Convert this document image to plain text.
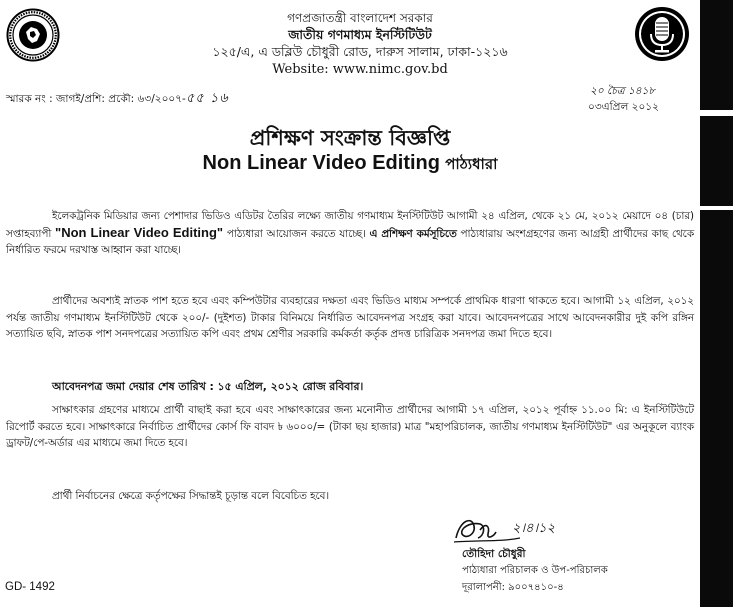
গণপ্রজাতন্ত্রী বাংলাদেশ সরকার
জাতীয় গণমাধ্যম ইনস্টিটিউট
১২৫/এ, এ ডব্লিউ চৌধুরী রোড, দারুস সালাম, ঢাকা-১২১৬
Website: www.nimc.gov.bd
স্মারক নং : জাগই/প্রশি: প্রকৌ: ৬৩/২০০৭-৫৫ ১৬	২০ চৈত্র ১৪১৮
০৩এপ্রিল ২০১২
প্রশিক্ষণ সংক্রান্ত বিজ্ঞপ্তি
Non Linear Video Editing পাঠ্যধারা
ইলেকট্রনিক মিডিয়ার জন্য পেশাদার ভিডিও এডিটর তৈরির লক্ষ্যে জাতীয় গণমাধ্যম ইনস্টিটিউট আগামী ২৪ এপ্রিল, থেকে ২১ মে, ২০১২ মেয়াদে ০৪ (চার) সপ্তাহব্যাপী "Non Linear Video Editing" পাঠ্যধারা আয়োজন করতে যাচ্ছে। এ প্রশিক্ষণ কর্মসূচিতে পাঠ্যধারায় অংশগ্রহণের জন্য আগ্রহী প্রার্থীদের কাছ থেকে নির্ধারিত ফরমে দরখাস্ত আহ্বান করা যাচ্ছে।
প্রার্থীদের অবশ্যই স্নাতক পাশ হতে হবে এবং কম্পিউটার ব্যবহারের দক্ষতা এবং ভিডিও মাধ্যম সম্পর্কে প্রাথমিক ধারণা থাকতে হবে। আগামী ১২ এপ্রিল, ২০১২ পর্যন্ত জাতীয় গণমাধ্যম ইনস্টিটিউট থেকে ২০০/- (দুইশত) টাকার বিনিময়ে নির্ধারিত আবেদনপত্র সংগ্রহ করা যাবে। আবেদনপত্রের সাথে আবেদনকারীর দুই কপি রঙ্গিন সত্যায়িত ছবি, স্নাতক পাশ সনদপত্রের সত্যায়িত কপি এবং প্রথম শ্রেণীর সরকারি কর্মকর্তা কর্তৃক প্রদত্ত চারিত্রিক সনদপত্র জমা দিতে হবে।
আবেদনপত্র জমা দেয়ার শেষ তারিখ : ১৫ এপ্রিল, ২০১২ রোজ রবিবার।
সাক্ষাৎকার গ্রহণের মাধ্যমে প্রার্থী বাছাই করা হবে এবং সাক্ষাৎকারের জন্য মনোনীত প্রার্থীদের আগামী ১৭ এপ্রিল, ২০১২ পূর্বাহ্ন ১১.০০ মি: এ ইনস্টিটিউটে রিপোর্ট করতে হবে। সাক্ষাৎকারে নির্বাচিত প্রার্থীদের কোর্স ফি বাবদ ৳ ৬০০০/= (টাকা ছয় হাজার) মাত্র "মহাপরিচালক, জাতীয় গণমাধ্যম ইনস্টিটিউট" এর অনুকূলে ব্যাংক ড্রাফট/পে-অর্ডার এর মাধ্যমে জমা দিতে হবে।
প্রার্থী নির্বাচনের ক্ষেত্রে কর্তৃপক্ষের সিদ্ধান্তই চূড়ান্ত বলে বিবেচিত হবে।
২।৪।১২
তৌহিদা চৌধুরী
পাঠ্যধারা পরিচালক ও উপ-পরিচালক
দূরালাপনী: ৯০০৭৪১০-৪
GD- 1492
